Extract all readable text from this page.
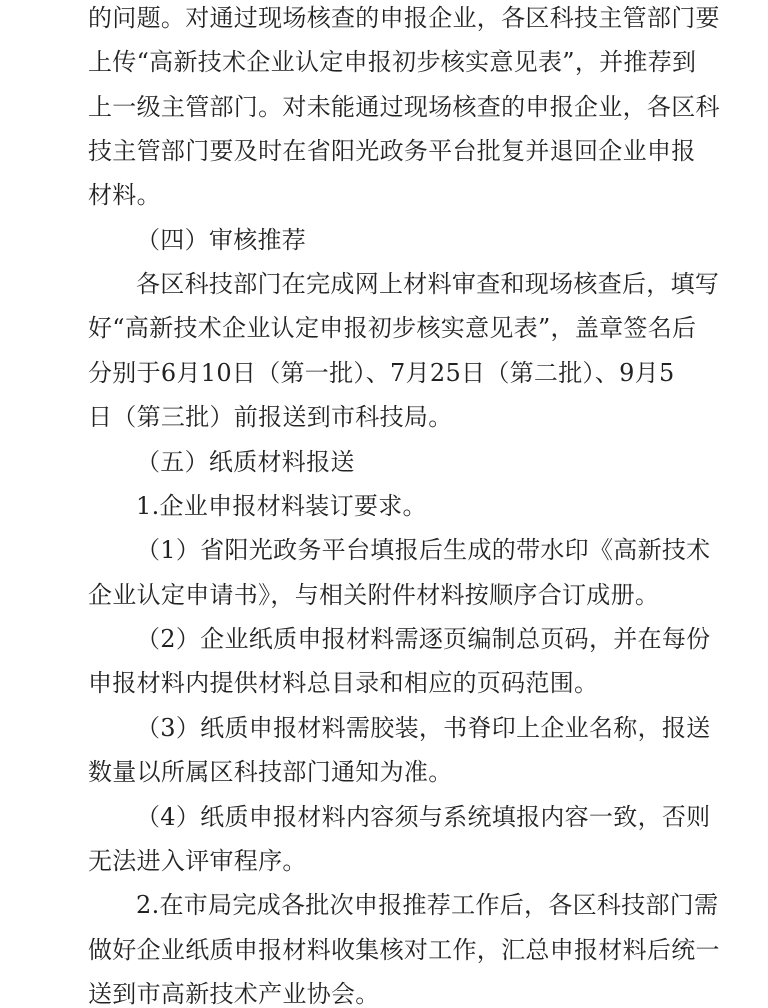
的问题。对通过现场核查的申报企业，各区科技主管部门要
上传“高新技术企业认定申报初步核实意见表”，并推荐到
上一级主管部门。对未能通过现场核查的申报企业，各区科
技主管部门要及时在省阳光政务平台批复并退回企业申报
材料。
（四）审核推荐
各区科技部门在完成网上材料审查和现场核查后，填写
好“高新技术企业认定申报初步核实意见表”，盖章签名后
分别于6月10日（第一批）、7月25日（第二批）、9月5
日（第三批）前报送到市科技局。
（五）纸质材料报送
1.企业申报材料装订要求。
（1）省阳光政务平台填报后生成的带水印《高新技术
企业认定申请书》，与相关附件材料按顺序合订成册。
（2）企业纸质申报材料需逐页编制总页码，并在每份
申报材料内提供材料总目录和相应的页码范围。
（3）纸质申报材料需胶装，书脊印上企业名称，报送
数量以所属区科技部门通知为准。
（4）纸质申报材料内容须与系统填报内容一致，否则
无法进入评审程序。
2.在市局完成各批次申报推荐工作后，各区科技部门需
做好企业纸质申报材料收集核对工作，汇总申报材料后统一
送到市高新技术产业协会。
